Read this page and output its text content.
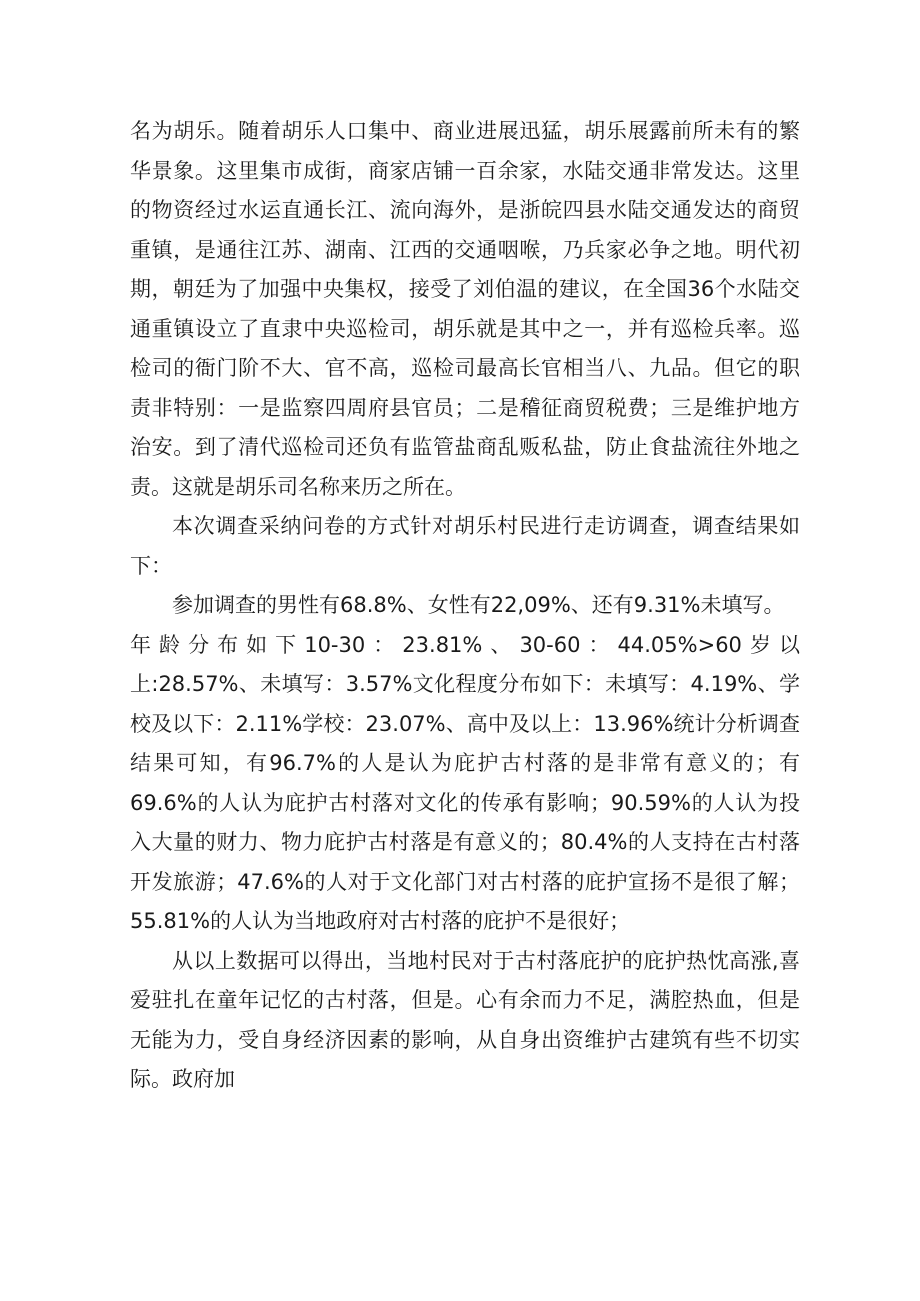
名为胡乐。随着胡乐人口集中、商业进展迅猛，胡乐展露前所未有的繁华景象。这里集市成街，商家店铺一百余家，水陆交通非常发达。这里的物资经过水运直通长江、流向海外，是浙皖四县水陆交通发达的商贸重镇，是通往江苏、湖南、江西的交通咽喉，乃兵家必争之地。明代初期，朝廷为了加强中央集权，接受了刘伯温的建议，在全国36个水陆交通重镇设立了直隶中央巡检司，胡乐就是其中之一，并有巡检兵率。巡检司的衙门阶不大、官不高，巡检司最高长官相当八、九品。但它的职责非特别：一是监察四周府县官员；二是稽征商贸税费；三是维护地方治安。到了清代巡检司还负有监管盐商乱贩私盐，防止食盐流往外地之责。这就是胡乐司名称来历之所在。

本次调查采纳问卷的方式针对胡乐村民进行走访调查，调查结果如下：

参加调查的男性有68.8%、女性有22,09%、还有9.31%未填写。

年龄分布如下10-30：23.81%、30-60：44.05%>60岁以上:28.57%、未填写：3.57%文化程度分布如下：未填写：4.19%、学校及以下：2.11%学校：23.07%、高中及以上：13.96%统计分析调查结果可知，有96.7%的人是认为庇护古村落的是非常有意义的；有69.6%的人认为庇护古村落对文化的传承有影响；90.59%的人认为投入大量的财力、物力庇护古村落是有意义的；80.4%的人支持在古村落开发旅游；47.6%的人对于文化部门对古村落的庇护宣扬不是很了解；55.81%的人认为当地政府对古村落的庇护不是很好；

从以上数据可以得出，当地村民对于古村落庇护的庇护热忱高涨,喜爱驻扎在童年记忆的古村落，但是。心有余而力不足，满腔热血，但是无能为力，受自身经济因素的影响，从自身出资维护古建筑有些不切实际。政府加
